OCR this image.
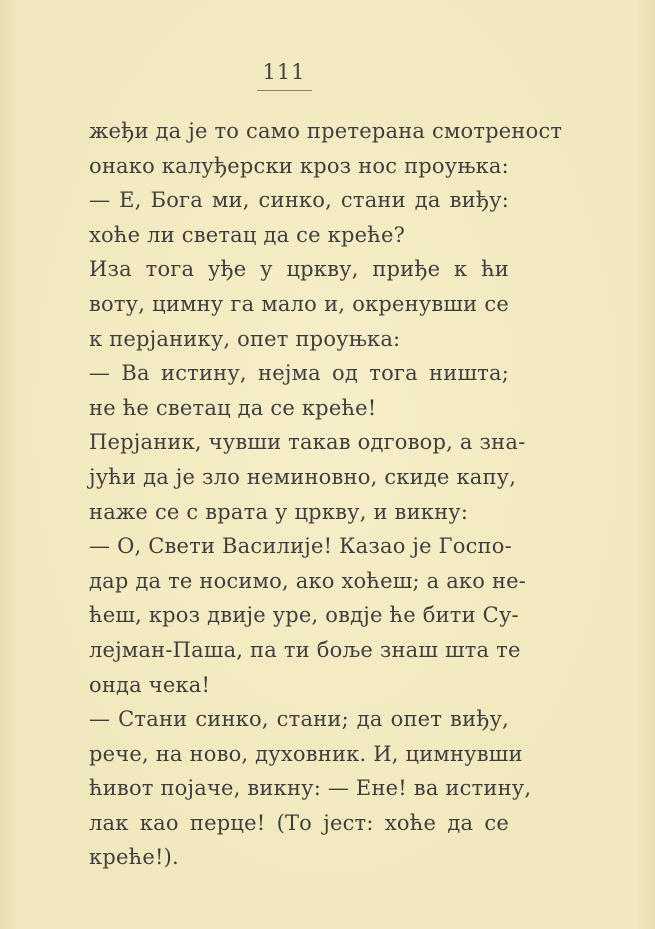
111
жеђи да је то само претерана смотреност
онако калуђерски кроз нос проуњка:
— Е, Бога ми, синко, стани да виђу:
хоће ли светац да се креће?
Иза тога уђе у цркву, приђе к ћи
воту, цимну га мало и, окренувши се
к перјанику, опет проуњка:
— Ва истину, нејма од тога ништа;
не ће светац да се креће!
Перјаник, чувши такав одговор, а зна-
јући да је зло неминовно, скиде капу,
наже се с врата у цркву, и викну:
— О, Свети Василије! Казао је Госпо-
дар да те носимо, ако хоћеш; а ако не-
ћеш, кроз двије уре, овдје ће бити Су-
лејман-Паша, па ти боље знаш шта те
онда чека!
— Стани синко, стани; да опет виђу,
рече, на ново, духовник. И, цимнувши
ћивот појаче, викну: — Ене! ва истину,
лак као перце! (То јест: хоће да се
креће!).
